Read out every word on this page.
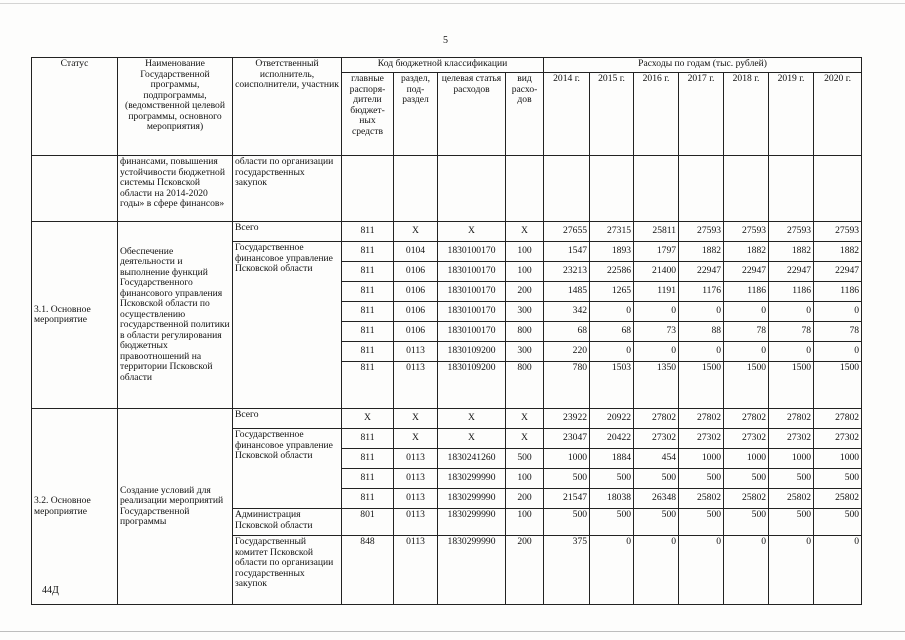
5
Статус	Наименование Государственной программы, подпрограммы, (ведомственной целевой программы, основного мероприятия)	Ответственный исполнитель, соисполнители, участник	Код бюджетной классификации				Расходы по годам (тыс. рублей)						
			главные распоря-дители бюджет-ных средств	раздел, под-раздел	целевая статья расходов	вид расхо-дов	2014 г.	2015 г.	2016 г.	2017 г.	2018 г.	2019 г.	2020 г.
	финансами, повышения устойчивости бюджетной системы Псковской области на 2014-2020 годы» в сфере финансов»	области по организации государственных закупок											
3.1. Основное мероприятие	Обеспечение деятельности и выполнение функций Государственного финансового управления Псковской области по осуществлению государственной политики в области регулирования бюджетных правоотношений на территории Псковской области	Всего	811	X	X	X	27655	27315	25811	27593	27593	27593	27593
		Государственное финансовое управление Псковской области	811	0104	1830100170	100	1547	1893	1797	1882	1882	1882	1882
			811	0106	1830100170	100	23213	22586	21400	22947	22947	22947	22947
			811	0106	1830100170	200	1485	1265	1191	1176	1186	1186	1186
			811	0106	1830100170	300	342	0	0	0	0	0	0
			811	0106	1830100170	800	68	68	73	88	78	78	78
			811	0113	1830109200	300	220	0	0	0	0	0	0
			811	0113	1830109200	800	780	1503	1350	1500	1500	1500	1500
3.2. Основное мероприятие	Создание условий для реализации мероприятий Государственной программы	Всего	X	X	X	X	23922	20922	27802	27802	27802	27802	27802
		Государственное финансовое управление Псковской области	811	X	X	X	23047	20422	27302	27302	27302	27302	27302
			811	0113	1830241260	500	1000	1884	454	1000	1000	1000	1000
			811	0113	1830299990	100	500	500	500	500	500	500	500
			811	0113	1830299990	200	21547	18038	26348	25802	25802	25802	25802
		Администрация Псковской области	801	0113	1830299990	100	500	500	500	500	500	500	500
		Государственный комитет Псковской области по организации государственных закупок	848	0113	1830299990	200	375	0	0	0	0	0	0
44Д
